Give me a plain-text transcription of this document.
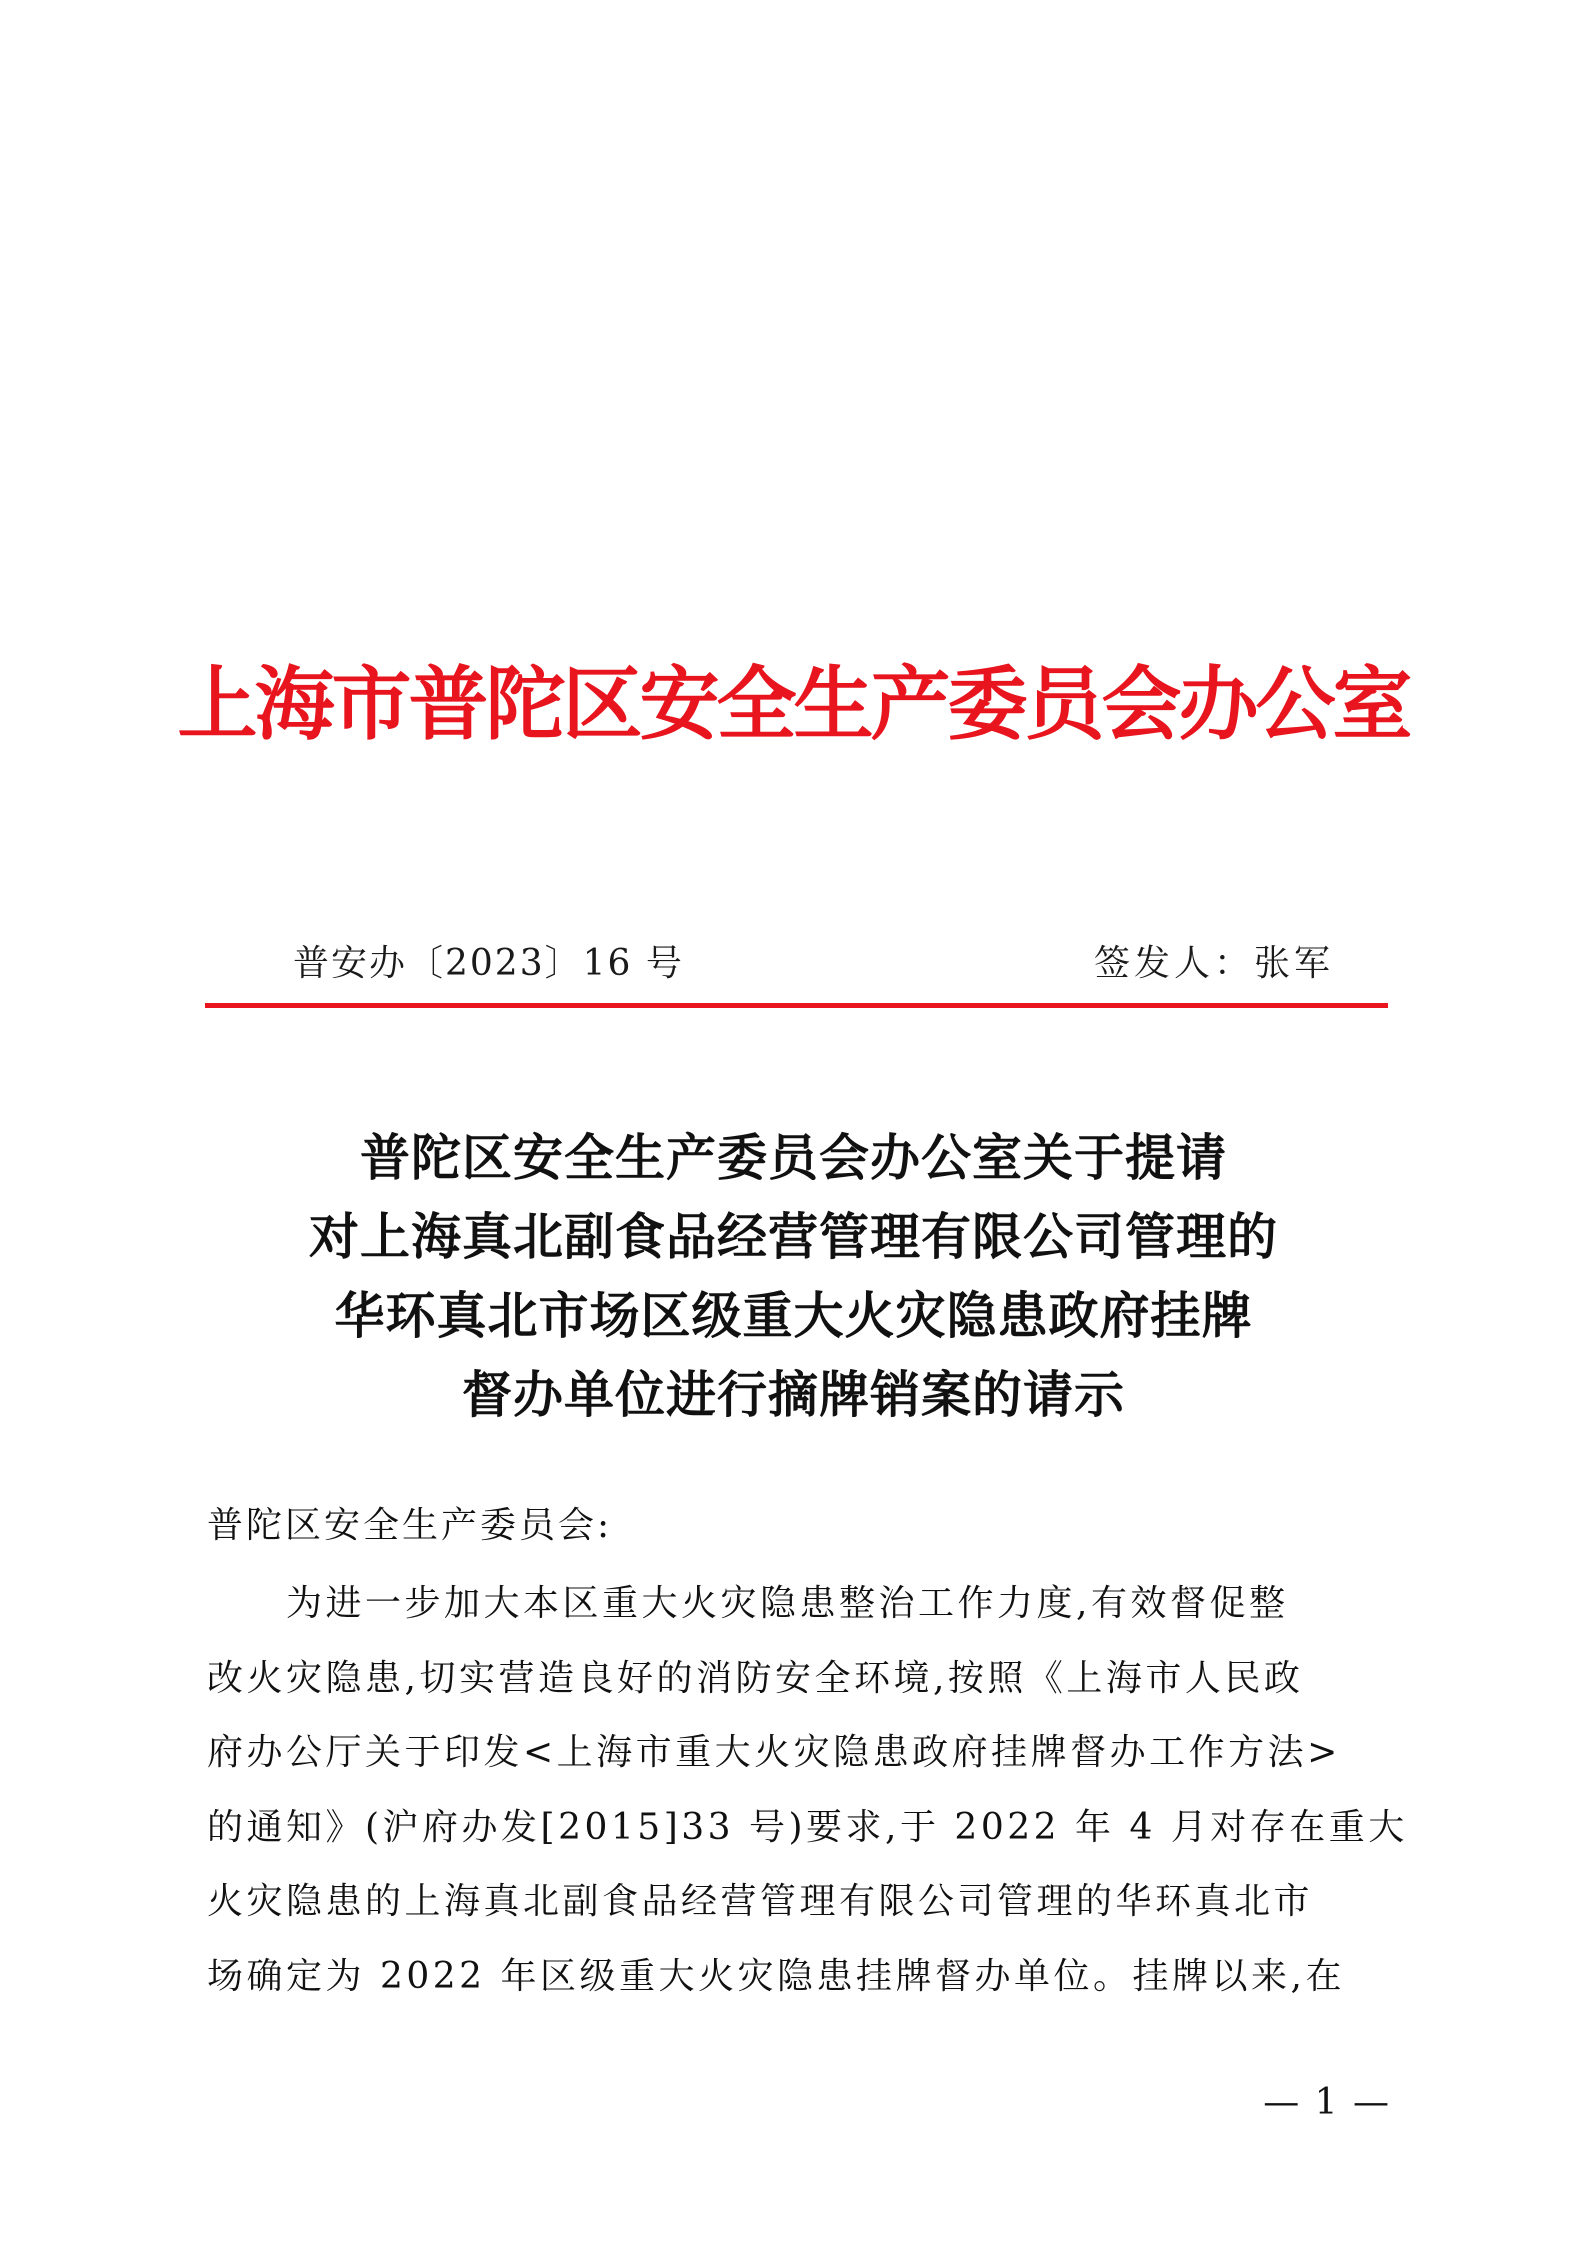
上海市普陀区安全生产委员会办公室
普安办〔2023〕16 号	签发人：张军
普陀区安全生产委员会办公室关于提请
对上海真北副食品经营管理有限公司管理的
华环真北市场区级重大火灾隐患政府挂牌
督办单位进行摘牌销案的请示
普陀区安全生产委员会:
　　为进一步加大本区重大火灾隐患整治工作力度,有效督促整
改火灾隐患,切实营造良好的消防安全环境,按照《上海市人民政
府办公厅关于印发<上海市重大火灾隐患政府挂牌督办工作方法>
的通知》(沪府办发[2015]33 号)要求,于 2022 年 4 月对存在重大
火灾隐患的上海真北副食品经营管理有限公司管理的华环真北市
场确定为 2022 年区级重大火灾隐患挂牌督办单位。挂牌以来,在
— 1 —
